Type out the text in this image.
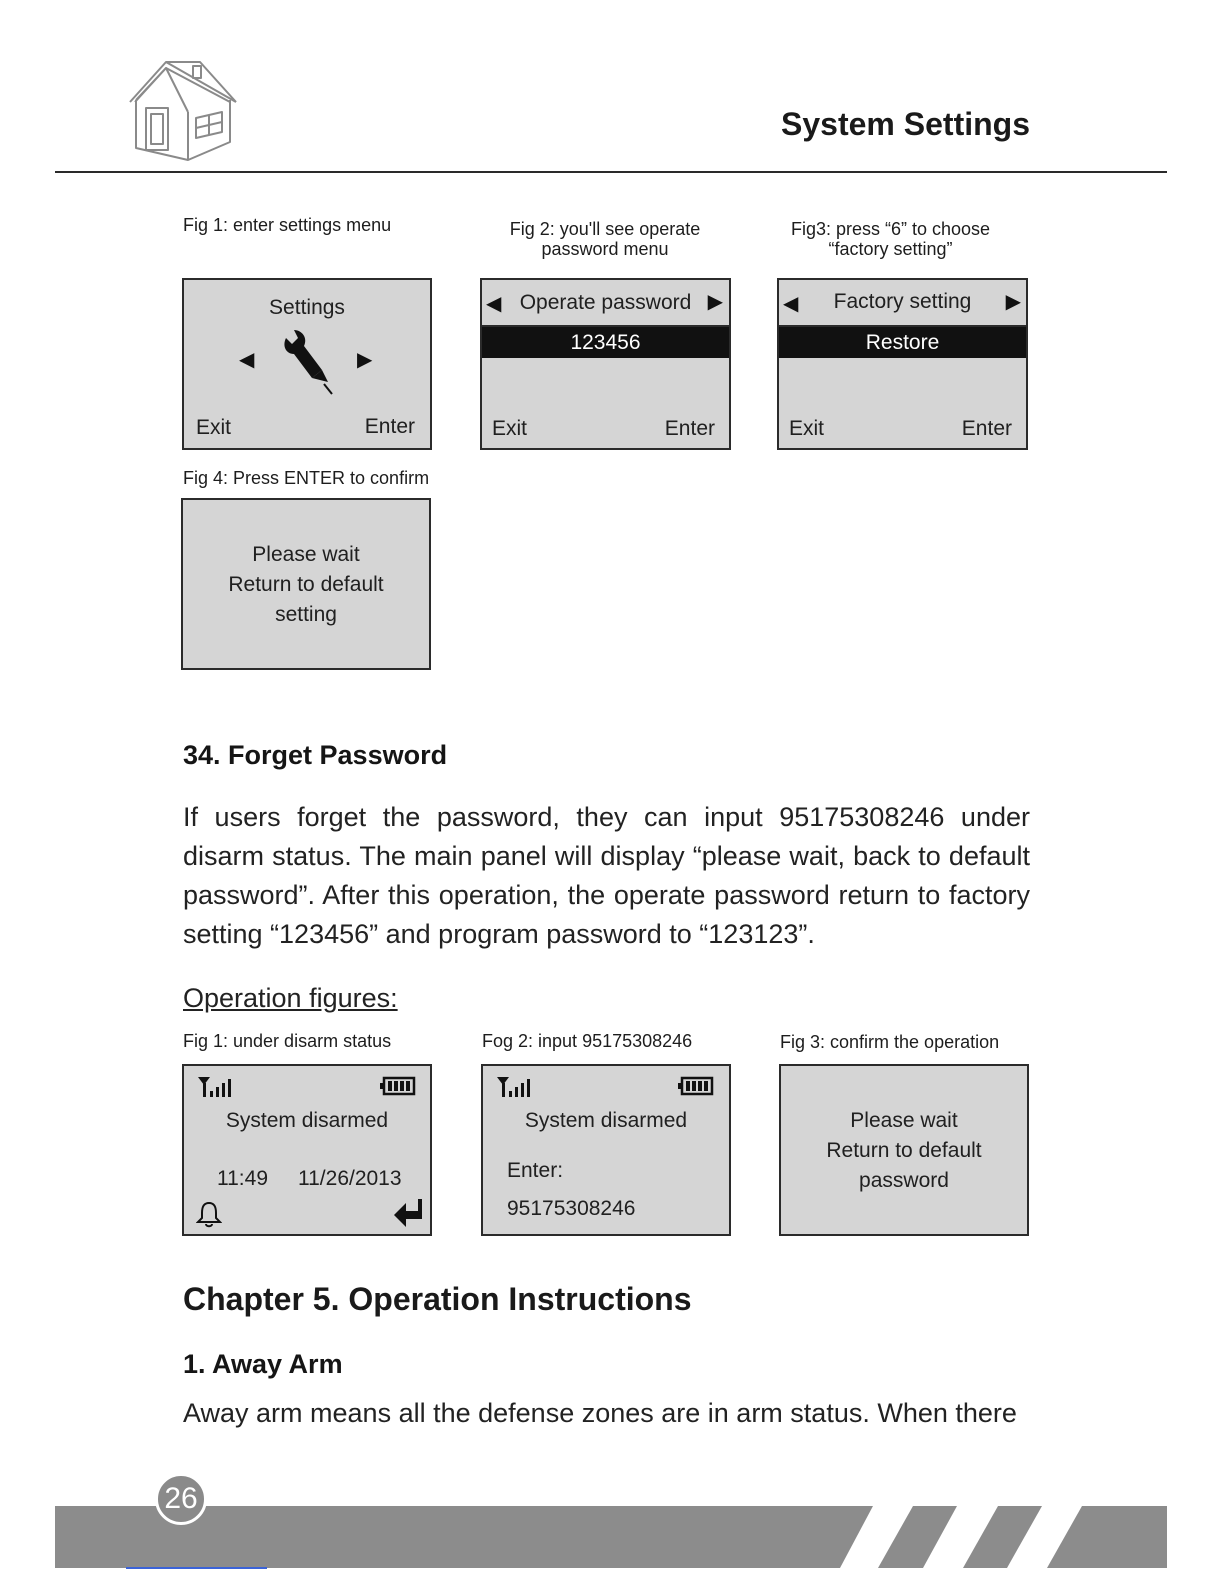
System Settings
Fig 1: enter settings menu	Fig 2: you'll see operate
password menu
Fig3: press “6” to choose
“factory setting”
Settings
◀	▶
Exit	Enter
◀ Operate password ▶
123456
Exit	Enter
◀	Factory setting	▶
Restore
Exit	Enter
Fig 4: Press ENTER to confirm
Please wait
Return to default
setting
34. Forget Password
If users forget the password, they can input 95175308246 under disarm status. The main panel will display “please wait, back to default password”. After this operation, the operate password return to factory setting “123456” and program password to “123123”.
Operation figures:
Fig 1: under disarm status	Fog 2: input 95175308246	Fig 3: confirm the operation
System disarmed
11:49 11/26/2013
System disarmed
Enter:
95175308246
Please wait
Return to default
password
Chapter 5. Operation Instructions
1. Away Arm
Away arm means all the defense zones are in arm status. When there
26
